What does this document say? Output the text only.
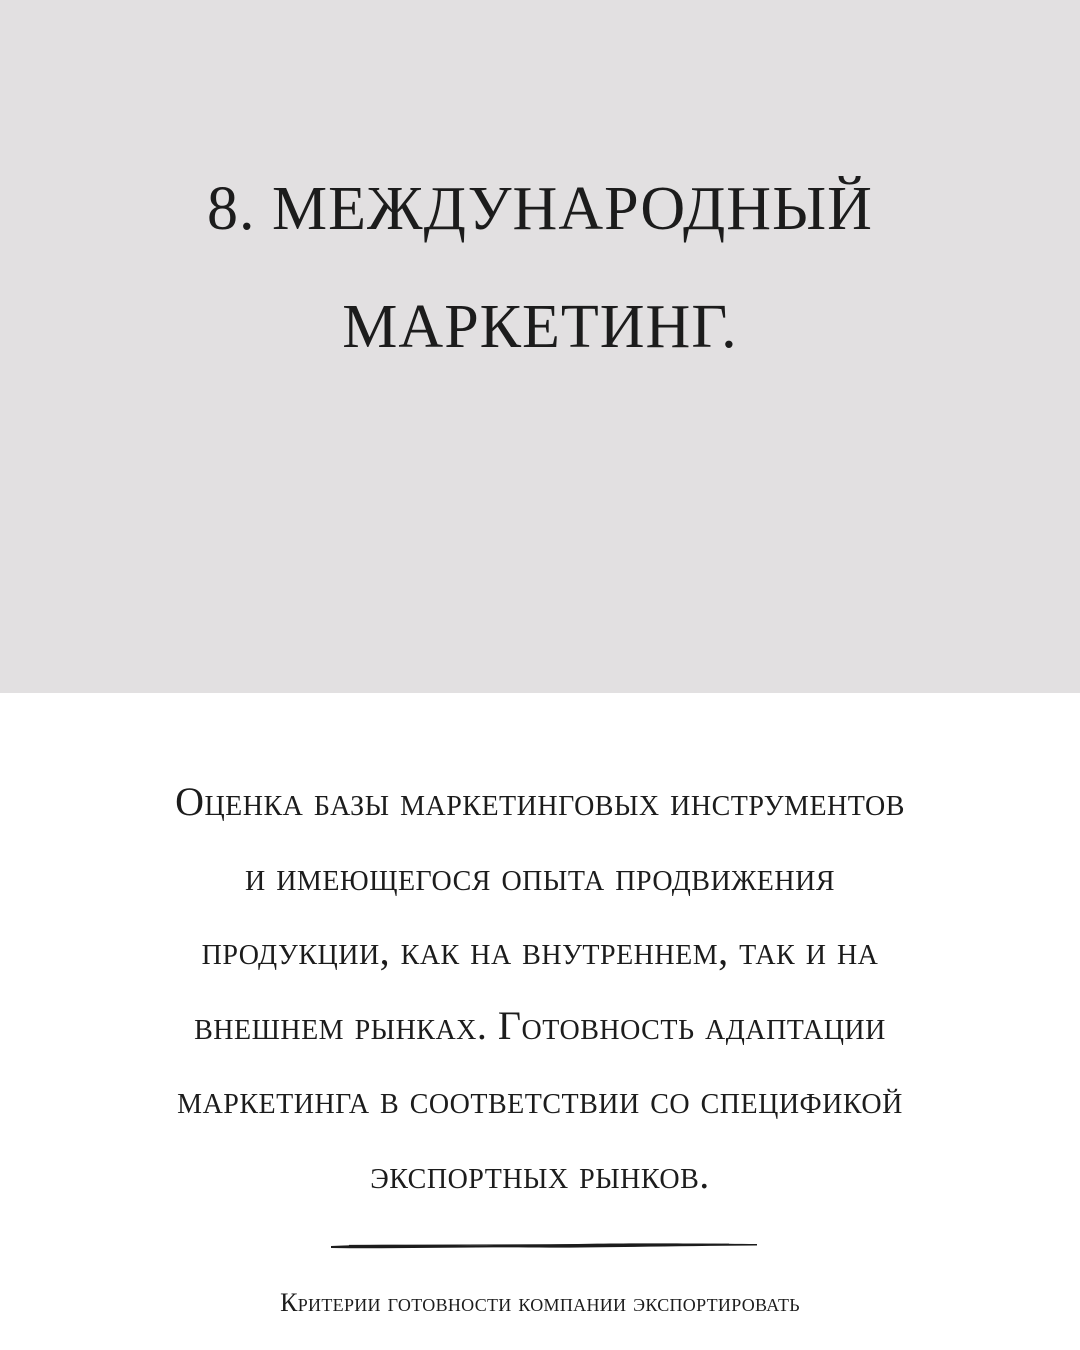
8. МЕЖДУНАРОДНЫЙ
МАРКЕТИНГ.

Оценка базы маркетинговых инструментов
и имеющегося опыта продвижения
продукции, как на внутреннем, так и на
внешнем рынках. Готовность адаптации
маркетинга в соответствии со спецификой
экспортных рынков.

Критерии готовности компании экспортировать
